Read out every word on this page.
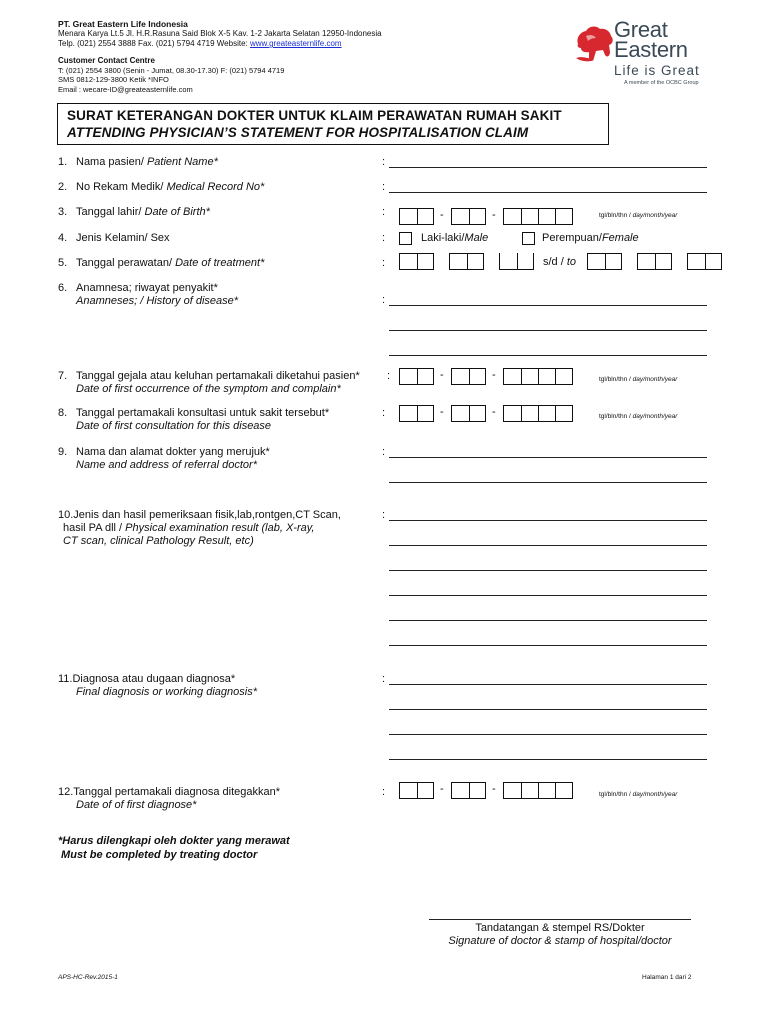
PT. Great Eastern Life Indonesia
Menara Karya Lt.5 Jl. H.R.Rasuna Said Blok X-5 Kav. 1-2 Jakarta Selatan 12950-Indonesia
Telp. (021) 2554 3888 Fax. (021) 5794 4719 Website: www.greateasternlife.com
Customer Contact Centre
T: (021) 2554 3800 (Senin - Jumat, 08.30-17.30) F: (021) 5794 4719
SMS 0812-129-3800 Ketik *INFO
Email : wecare-ID@greateasternlife.com
Great
Eastern
Life is Great
A member of the OCBC Group
SURAT KETERANGAN DOKTER UNTUK KLAIM PERAWATAN RUMAH SAKIT
ATTENDING PHYSICIAN’S STATEMENT FOR HOSPITALISATION CLAIM
1. Nama pasien/ Patient Name*	:
2. No Rekam Medik/ Medical Record No*	:
3. Tanggal lahir/ Date of Birth*	:	-	-	tgl/bln/thn / day/month/year
4. Jenis Kelamin/ Sex	:	Laki-laki/Male	Perempuan/Female
5. Tanggal perawatan/ Date of treatment*	:	s/d / to
6. Anamnesa; riwayat penyakit*
Anamneses; / History of disease*	:
7. Tanggal gejala atau keluhan pertamakali diketahui pasien*
Date of first occurrence of the symptom and complain*
:	-	-	tgl/bln/thn / day/month/year
8. Tanggal pertamakali konsultasi untuk sakit tersebut*
Date of first consultation for this disease
:	-	-	tgl/bln/thn / day/month/year
9. Nama dan alamat dokter yang merujuk*
Name and address of referral doctor*
:
10.Jenis dan hasil pemeriksaan fisik,lab,rontgen,CT Scan,
hasil PA dll / Physical examination result (lab, X-ray,
CT scan, clinical Pathology Result, etc)
:
11.Diagnosa atau dugaan diagnosa*
Final diagnosis or working diagnosis*
:
12.Tanggal pertamakali diagnosa ditegakkan*
Date of of first diagnose*
:	-	-	tgl/bln/thn / day/month/year
*Harus dilengkapi oleh dokter yang merawat
Must be completed by treating doctor
Tandatangan & stempel RS/Dokter
Signature of doctor & stamp of hospital/doctor
APS-HC-Rev.2015-1	Halaman 1 dari 2
